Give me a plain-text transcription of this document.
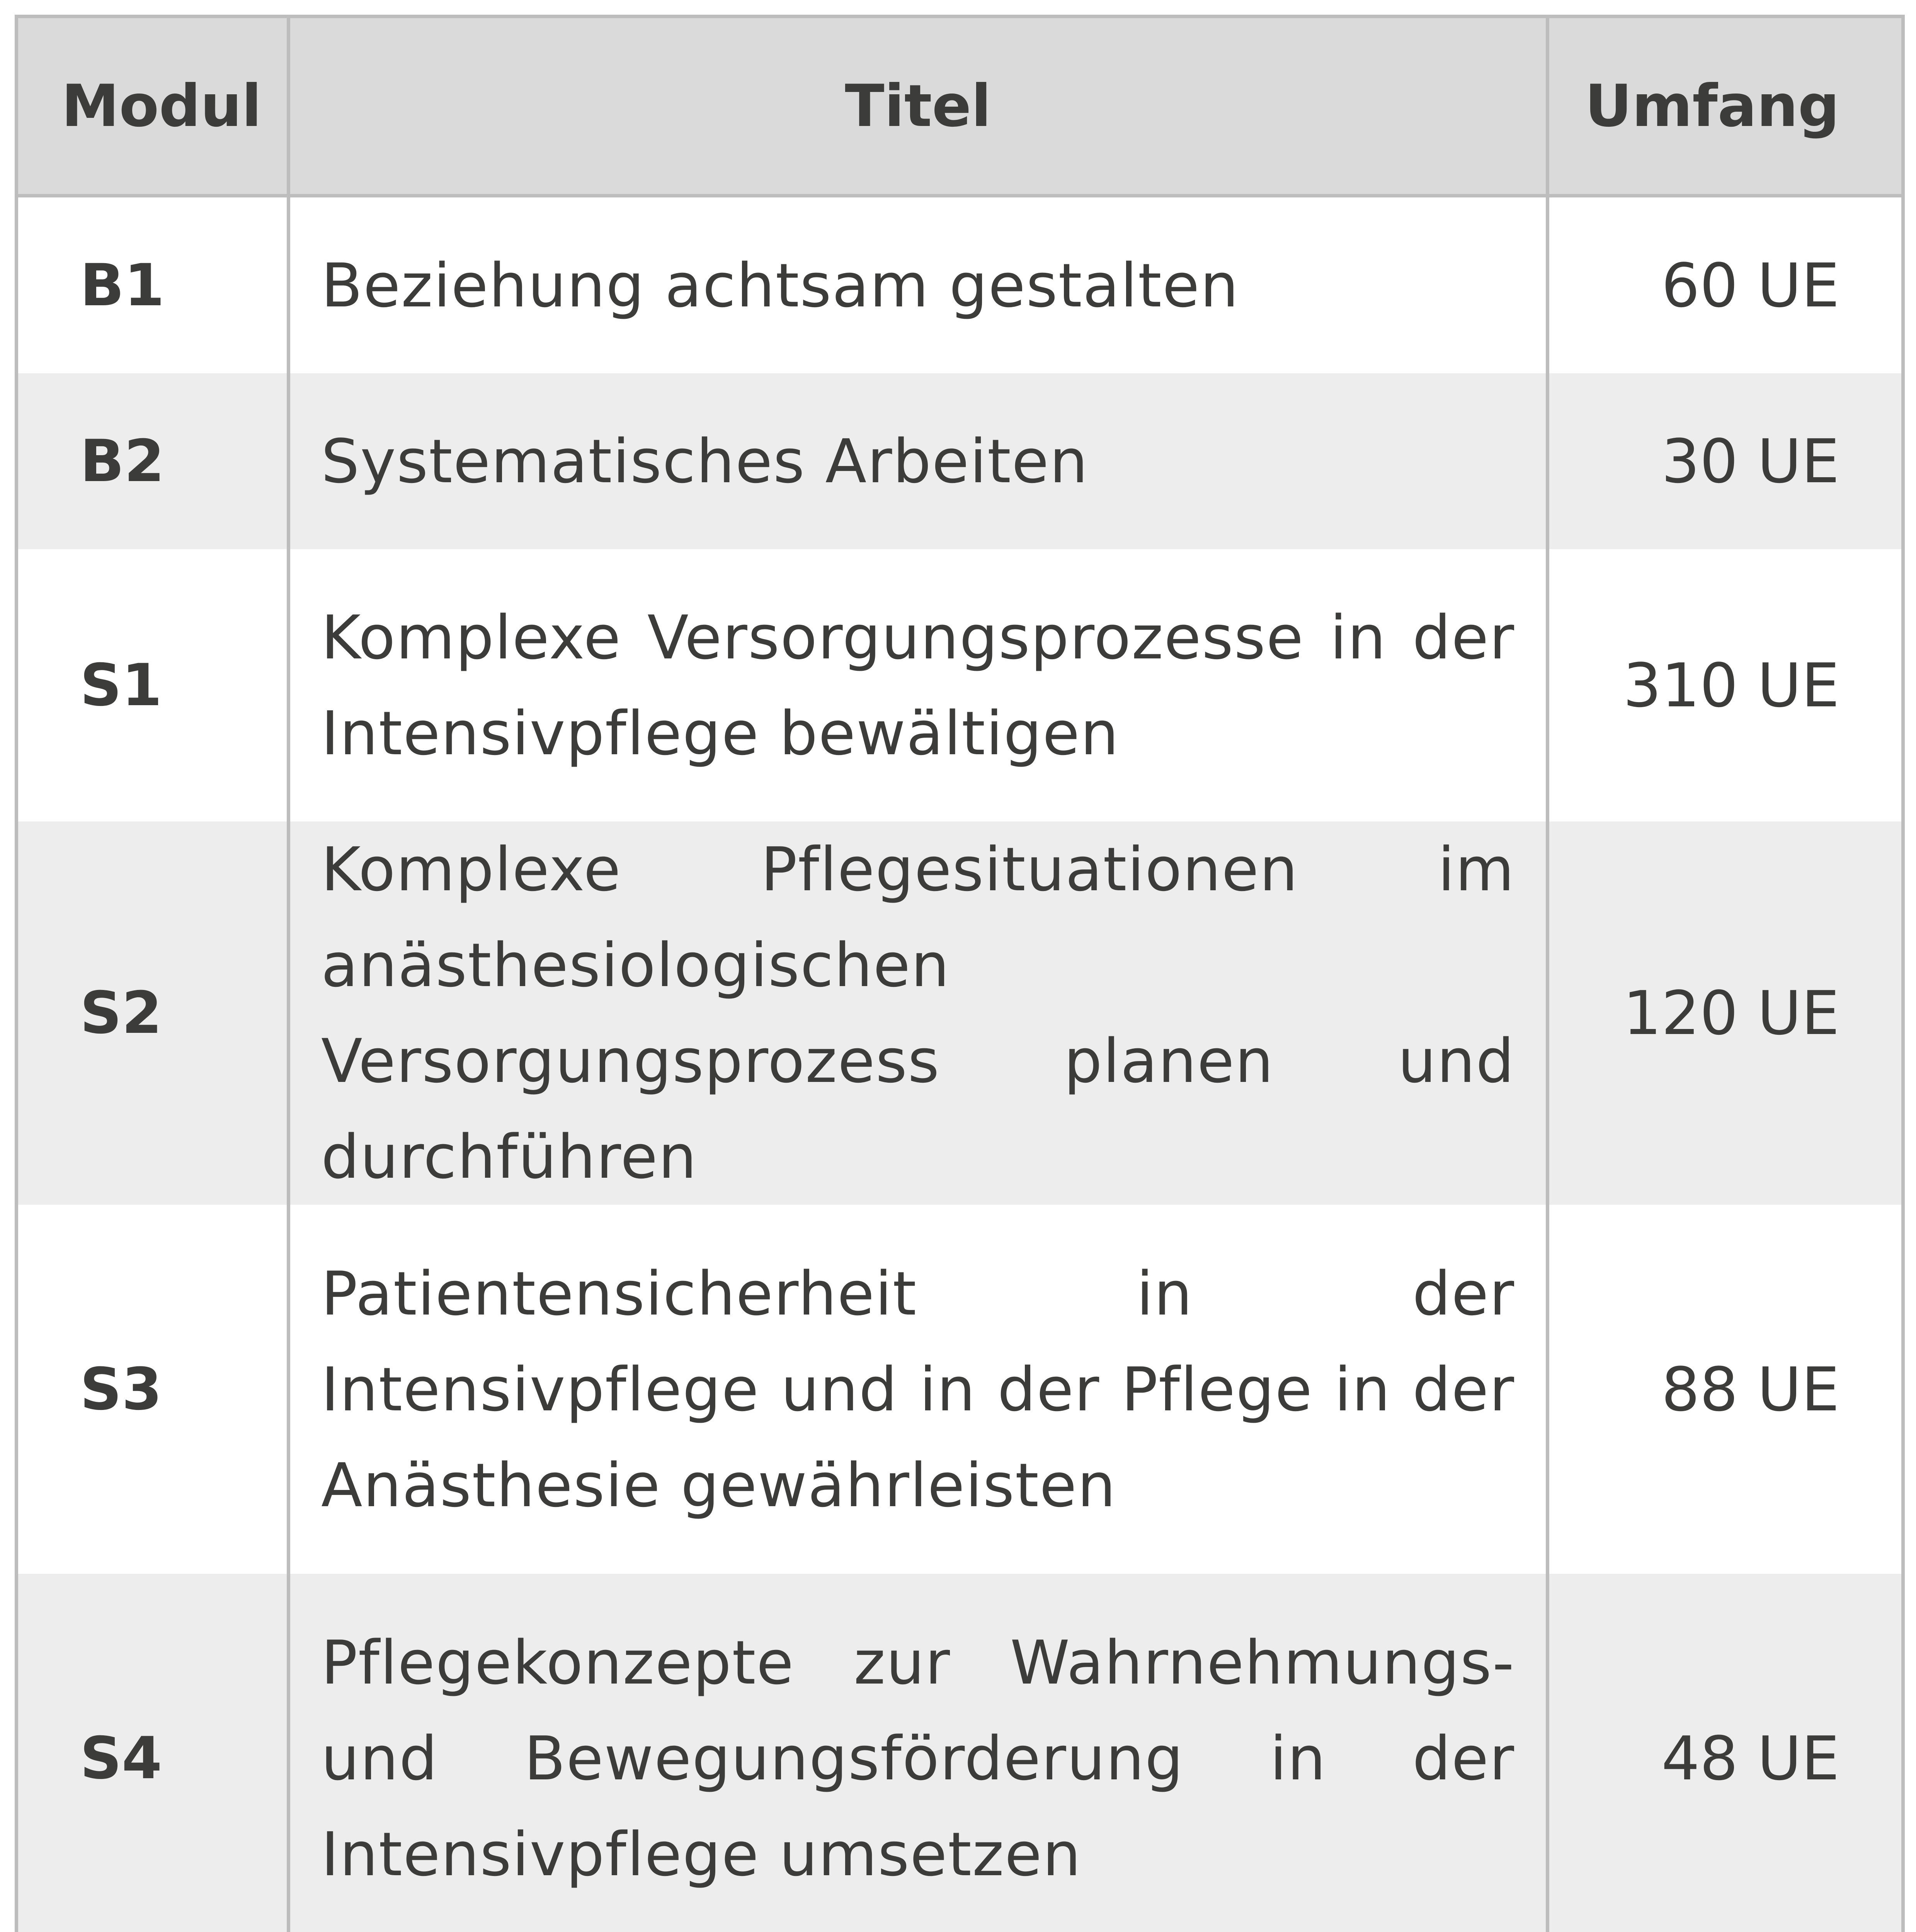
Modul	Titel	Umfang
B1	Beziehung achtsam gestalten	60 UE
B2	Systematisches Arbeiten	30 UE
S1	Komplexe Versorgungsprozesse in der Intensivpflege bewältigen	310 UE
S2	Komplexe Pflegesituationen im anästhesiologischen Versorgungsprozess planen und durchführen	120 UE
S3	Patientensicherheit in der Intensivpflege und in der Pflege in der Anästhesie gewährleisten	88 UE
S4	Pflegekonzepte zur Wahrnehmungs- und Bewegungsförderung in der Intensivpflege umsetzen	48 UE
